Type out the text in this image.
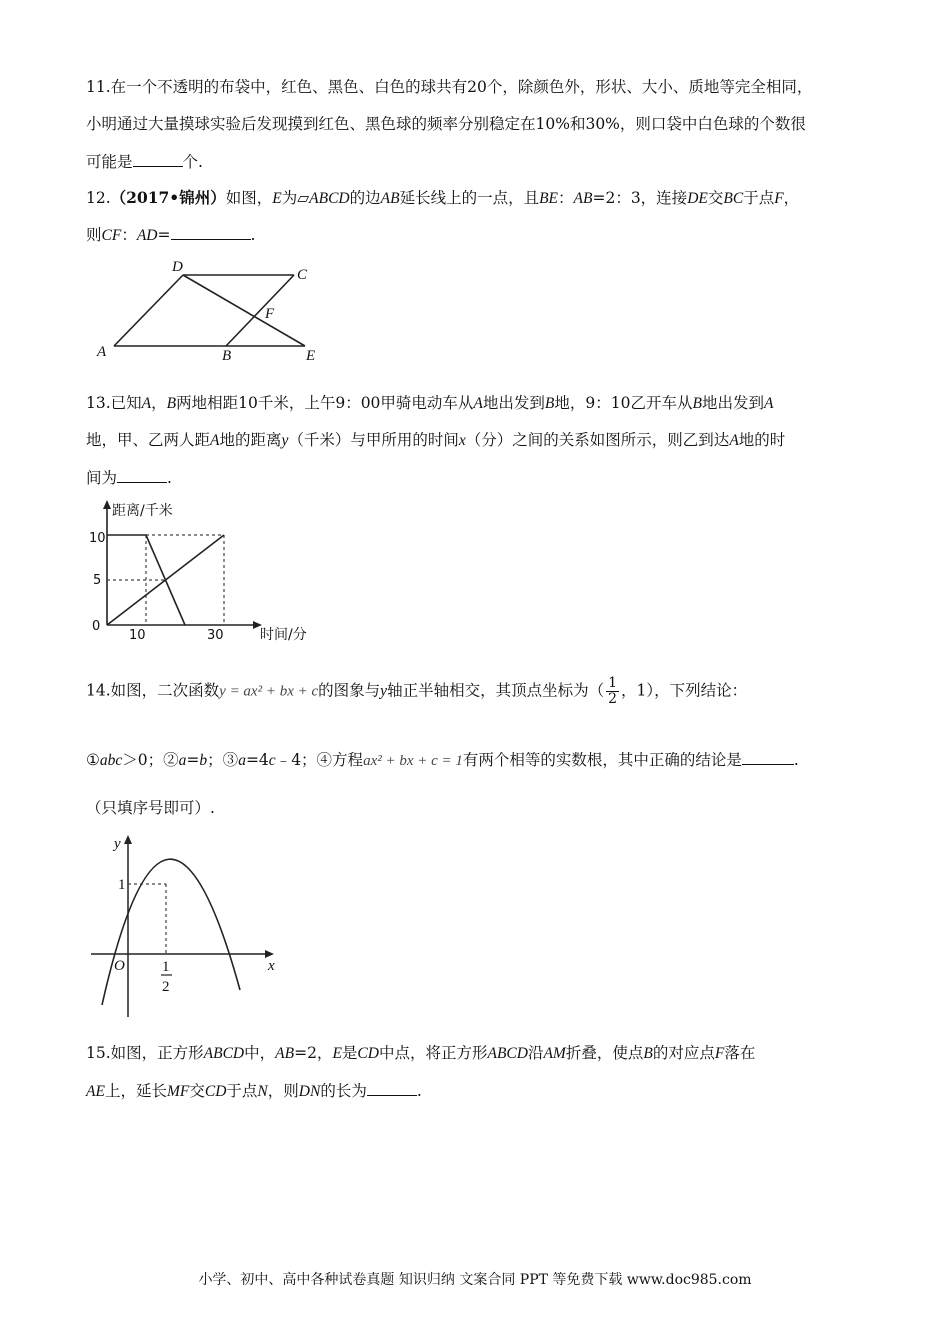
11.在一个不透明的布袋中，红色、黑色、白色的球共有20个，除颜色外，形状、大小、质地等完全相同，
小明通过大量摸球实验后发现摸到红色、黑色球的频率分别稳定在10%和30%，则口袋中白色球的个数很
可能是	个.
12.（2017•锦州）如图，E为▱ABCD的边AB延长线上的一点，且BE：AB=2：3，连接DE交BC于点F，
则CF：AD=	.
D	C
F
A	B	E
13.已知A，B两地相距10千米，上午9：00甲骑电动车从A地出发到B地，9：10乙开车从B地出发到A
地，甲、乙两人距A地的距离y（千米）与甲所用的时间x（分）之间的关系如图所示，则乙到达A地的时
间为	.
距离/千米
时间/分
10
5
0
10	30
14.如图，二次函数y = ax² + bx + c的图象与y轴正半轴相交，其顶点坐标为（ $\frac{1}{2}$ ，1），下列结论：
①abc＞0；②a=b；③a=4c﹣4；④方程ax² + bx + c = 1有两个相等的实数根，其中正确的结论是	.
（只填序号即可）.
y
x
1
O 1
2
15.如图，正方形ABCD中，AB=2，E是CD中点，将正方形ABCD沿AM折叠，使点B的对应点F落在
AE上，延长MF交CD于点N，则DN的长为	.
小学、初中、高中各种试卷真题 知识归纳 文案合同 PPT 等免费下载 www.doc985.com
